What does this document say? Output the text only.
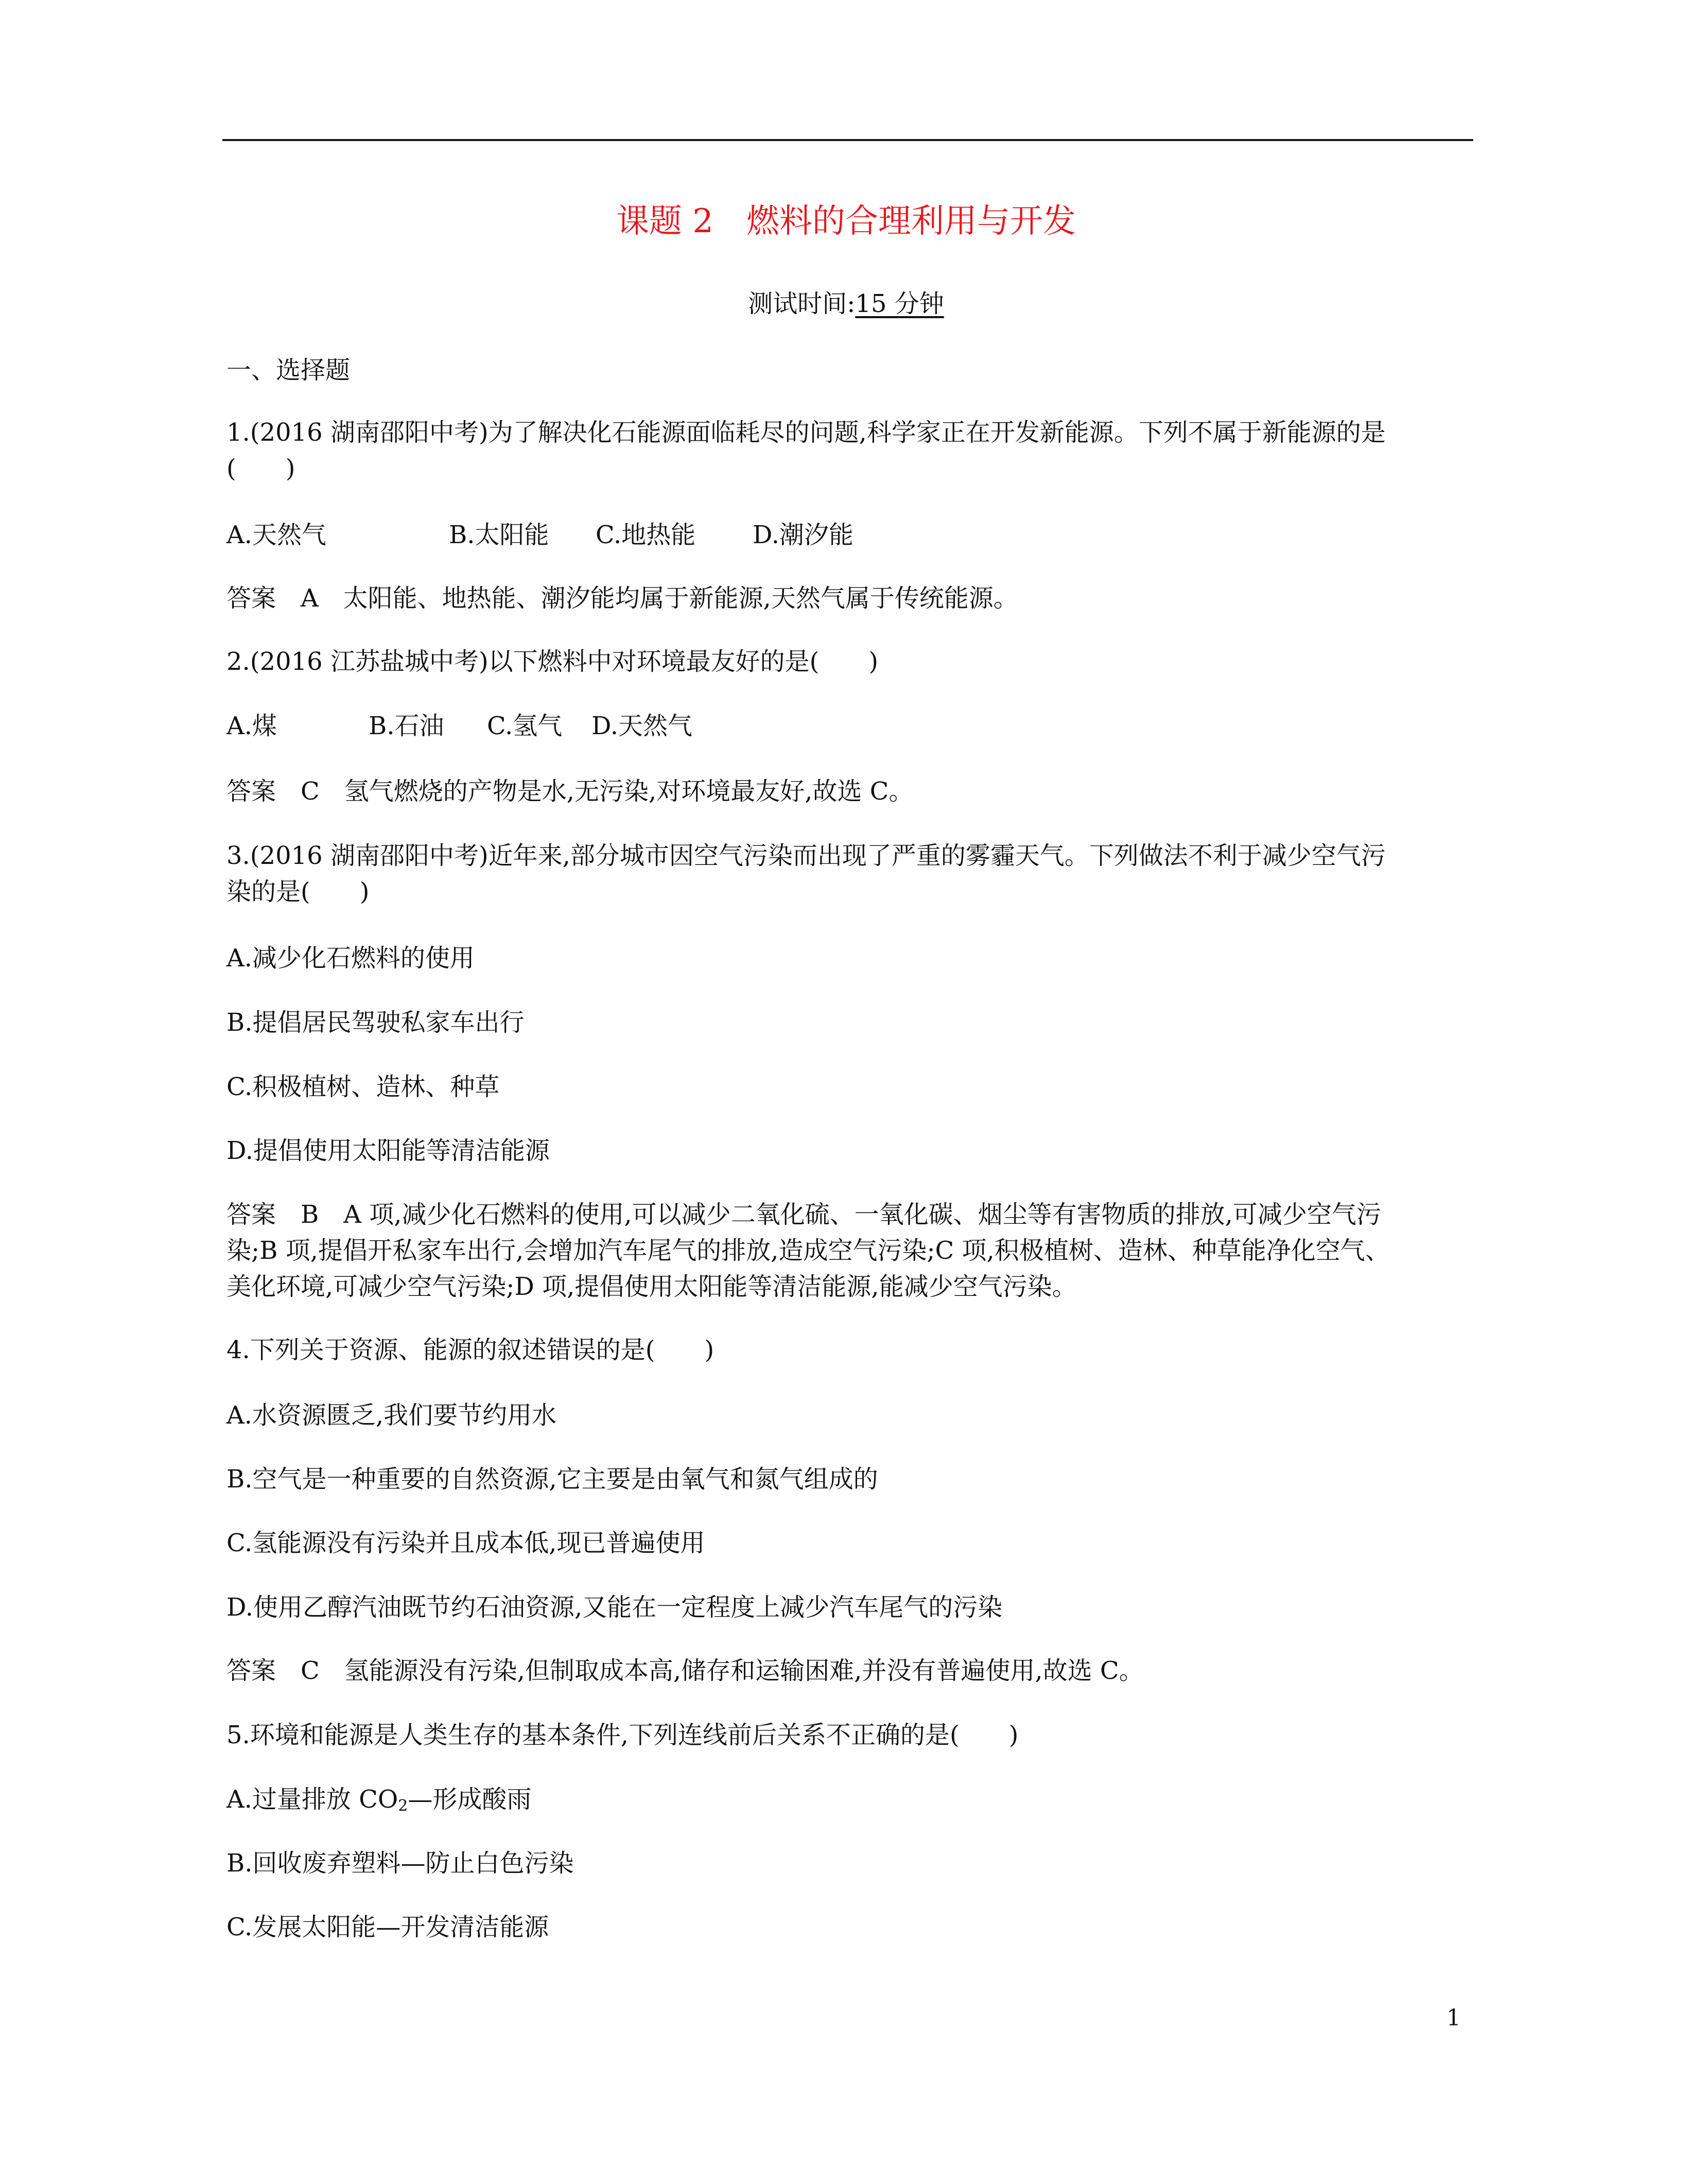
课题 2　燃料的合理利用与开发
测试时间:15 分钟
一、选择题
1.(2016 湖南邵阳中考)为了解决化石能源面临耗尽的问题,科学家正在开发新能源。下列不属于新能源的是
(　　)
A.天然气	B.太阳能 C.地热能 D.潮汐能
答案　A　太阳能、地热能、潮汐能均属于新能源,天然气属于传统能源。
2.(2016 江苏盐城中考)以下燃料中对环境最友好的是(　　)
A.煤	B.石油 C.氢气 D.天然气
答案　C　氢气燃烧的产物是水,无污染,对环境最友好,故选 C。
3.(2016 湖南邵阳中考)近年来,部分城市因空气污染而出现了严重的雾霾天气。下列做法不利于减少空气污
染的是(　　)
A.减少化石燃料的使用
B.提倡居民驾驶私家车出行
C.积极植树、造林、种草
D.提倡使用太阳能等清洁能源
答案　B　A 项,减少化石燃料的使用,可以减少二氧化硫、一氧化碳、烟尘等有害物质的排放,可减少空气污
染;B 项,提倡开私家车出行,会增加汽车尾气的排放,造成空气污染;C 项,积极植树、造林、种草能净化空气、
美化环境,可减少空气污染;D 项,提倡使用太阳能等清洁能源,能减少空气污染。
4.下列关于资源、能源的叙述错误的是(　　)
A.水资源匮乏,我们要节约用水
B.空气是一种重要的自然资源,它主要是由氧气和氮气组成的
C.氢能源没有污染并且成本低,现已普遍使用
D.使用乙醇汽油既节约石油资源,又能在一定程度上减少汽车尾气的污染
答案　C　氢能源没有污染,但制取成本高,储存和运输困难,并没有普遍使用,故选 C。
5.环境和能源是人类生存的基本条件,下列连线前后关系不正确的是(　　)
A.过量排放 $CO_2—$形成酸雨
B.回收废弃塑料—防止白色污染
C.发展太阳能—开发清洁能源
1
